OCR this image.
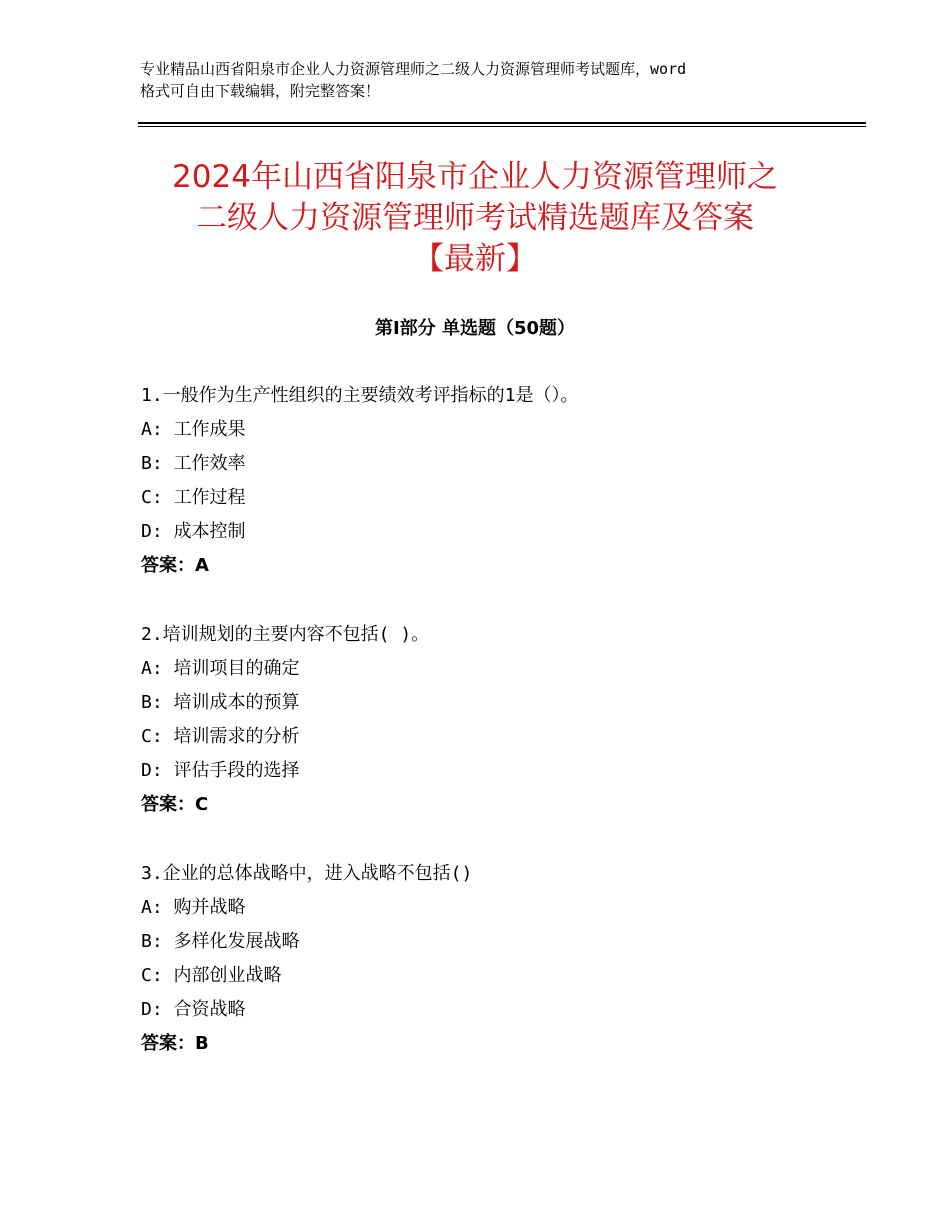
专业精品山西省阳泉市企业人力资源管理师之二级人力资源管理师考试题库，word
格式可自由下载编辑，附完整答案！
2024年山西省阳泉市企业人力资源管理师之
二级人力资源管理师考试精选题库及答案
【最新】
第Ⅰ部分 单选题（50题）
1.一般作为生产性组织的主要绩效考评指标的1是（）。
A: 工作成果
B: 工作效率
C: 工作过程
D: 成本控制
答案：A
2.培训规划的主要内容不包括( )。
A: 培训项目的确定
B: 培训成本的预算
C: 培训需求的分析
D: 评估手段的选择
答案：C
3.企业的总体战略中，进入战略不包括()
A: 购并战略
B: 多样化发展战略
C: 内部创业战略
D: 合资战略
答案：B
